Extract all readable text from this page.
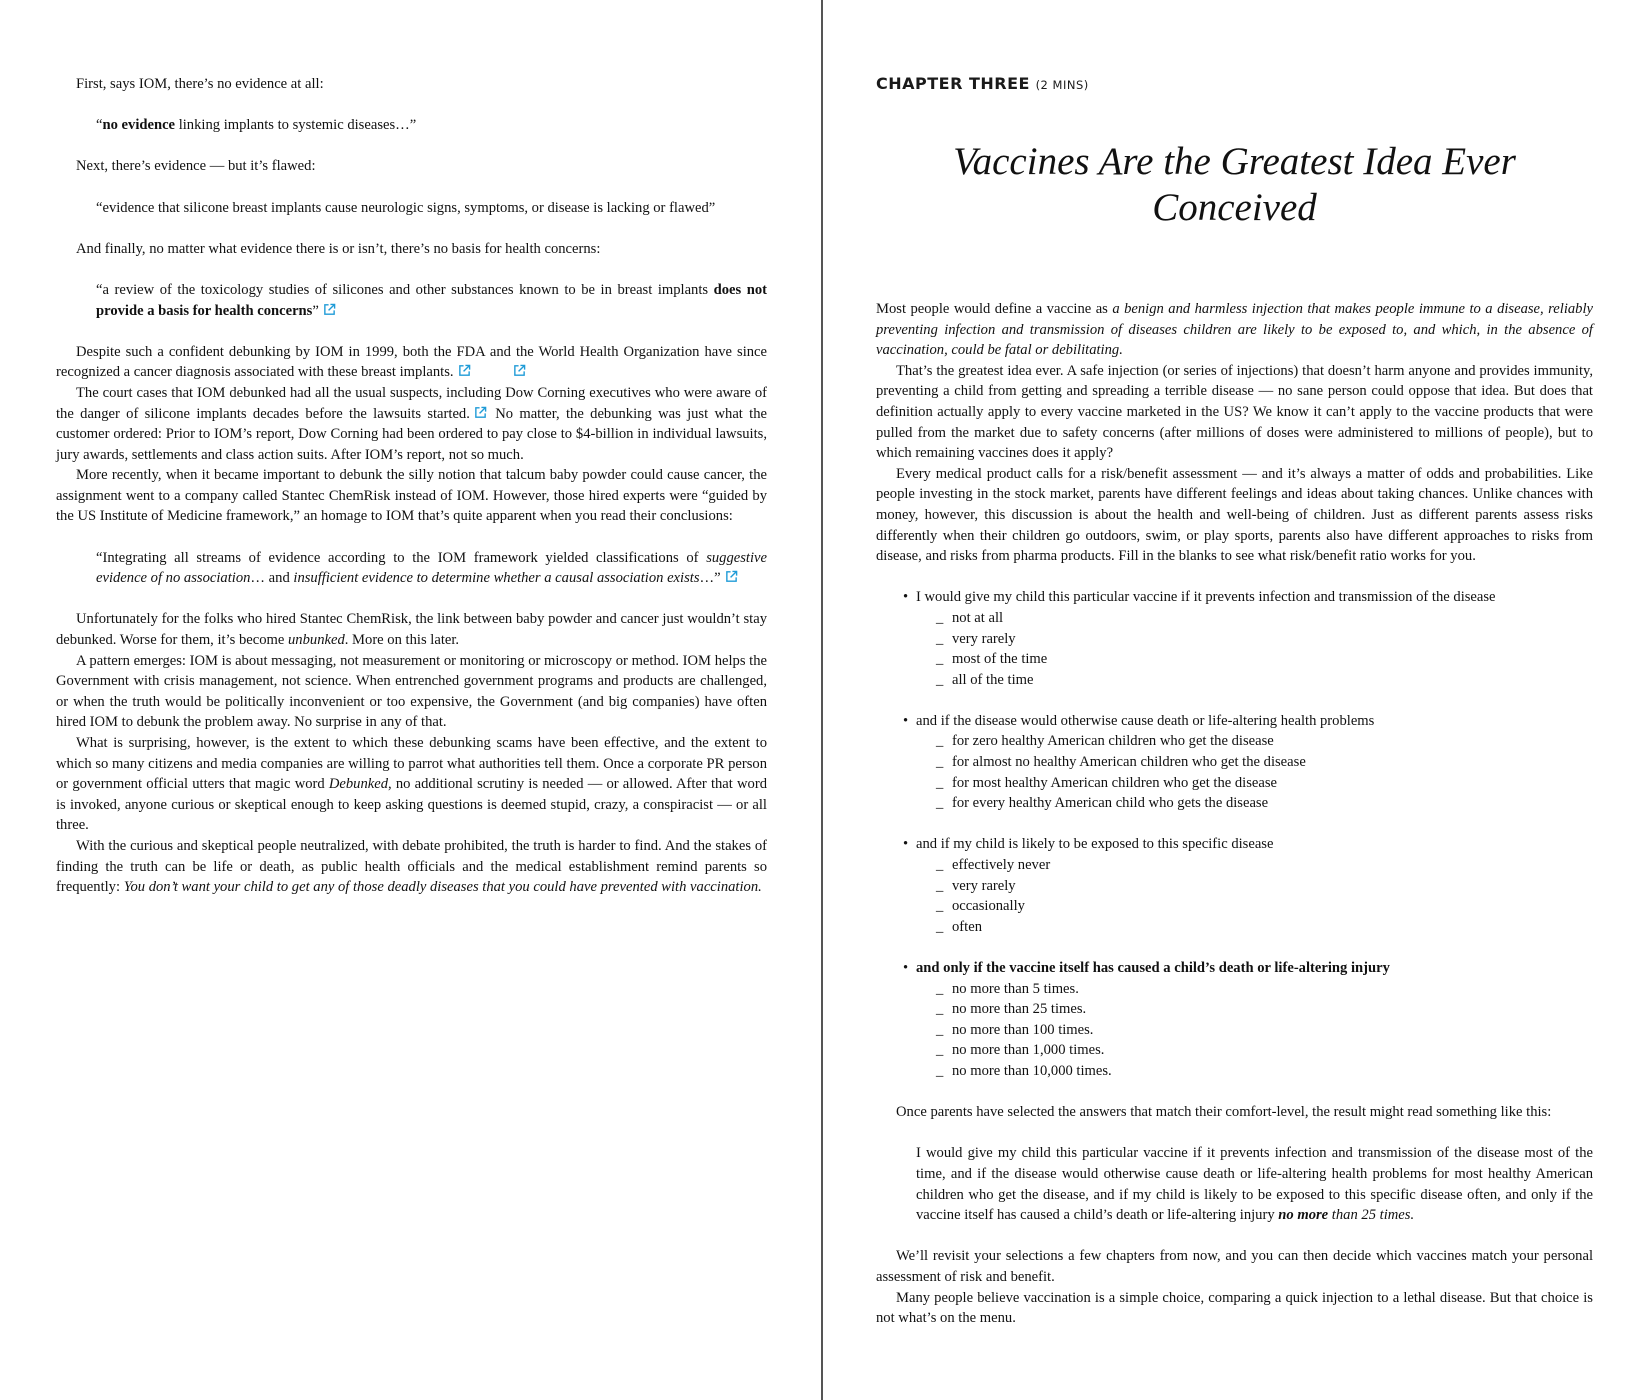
First, says IOM, there’s no evidence at all:

“no evidence linking implants to systemic diseases…”

Next, there’s evidence — but it’s flawed:

“evidence that silicone breast implants cause neurologic signs, symptoms, or disease is lacking or flawed”

And finally, no matter what evidence there is or isn’t, there’s no basis for health concerns:

“a review of the toxicology studies of silicones and other substances known to be in breast implants does not provide a basis for health concerns”

Despite such a confident debunking by IOM in 1999, both the FDA and the World Health Organization have since recognized a cancer diagnosis associated with these breast implants.

The court cases that IOM debunked had all the usual suspects, including Dow Corning executives who were aware of the danger of silicone implants decades before the lawsuits started. No matter, the debunking was just what the customer ordered: Prior to IOM’s report, Dow Corning had been ordered to pay close to $4-billion in individual lawsuits, jury awards, settlements and class action suits. After IOM’s report, not so much.

More recently, when it became important to debunk the silly notion that talcum baby powder could cause cancer, the assignment went to a company called Stantec ChemRisk instead of IOM. However, those hired experts were “guided by the US Institute of Medicine framework,” an homage to IOM that’s quite apparent when you read their conclusions:

“Integrating all streams of evidence according to the IOM framework yielded classifications of suggestive evidence of no association… and insufficient evidence to determine whether a causal association exists…”

Unfortunately for the folks who hired Stantec ChemRisk, the link between baby powder and cancer just wouldn’t stay debunked. Worse for them, it’s become unbunked. More on this later.

A pattern emerges: IOM is about messaging, not measurement or monitoring or microscopy or method. IOM helps the Government with crisis management, not science. When entrenched government programs and products are challenged, or when the truth would be politically inconvenient or too expensive, the Government (and big companies) have often hired IOM to debunk the problem away. No surprise in any of that.

What is surprising, however, is the extent to which these debunking scams have been effective, and the extent to which so many citizens and media companies are willing to parrot what authorities tell them. Once a corporate PR person or government official utters that magic word Debunked, no additional scrutiny is needed — or allowed. After that word is invoked, anyone curious or skeptical enough to keep asking questions is deemed stupid, crazy, a conspiracist — or all three.

With the curious and skeptical people neutralized, with debate prohibited, the truth is harder to find. And the stakes of finding the truth can be life or death, as public health officials and the medical establishment remind parents so frequently: You don’t want your child to get any of those deadly diseases that you could have prevented with vaccination.

CHAPTER THREE (2 MINS)
Vaccines Are the Greatest Idea Ever Conceived

Most people would define a vaccine as a benign and harmless injection that makes people immune to a disease, reliably preventing infection and transmission of diseases children are likely to be exposed to, and which, in the absence of vaccination, could be fatal or debilitating.

That’s the greatest idea ever. A safe injection (or series of injections) that doesn’t harm anyone and provides immunity, preventing a child from getting and spreading a terrible disease — no sane person could oppose that idea. But does that definition actually apply to every vaccine marketed in the US? We know it can’t apply to the vaccine products that were pulled from the market due to safety concerns (after millions of doses were administered to millions of people), but to which remaining vaccines does it apply?

Every medical product calls for a risk/benefit assessment — and it’s always a matter of odds and probabilities. Like people investing in the stock market, parents have different feelings and ideas about taking chances. Unlike chances with money, however, this discussion is about the health and well-being of children. Just as different parents assess risks differently when their children go outdoors, swim, or play sports, parents also have different approaches to risks from disease, and risks from pharma products. Fill in the blanks to see what risk/benefit ratio works for you.

• I would give my child this particular vaccine if it prevents infection and transmission of the disease
_ not at all
_ very rarely
_ most of the time
_ all of the time
• and if the disease would otherwise cause death or life-altering health problems
_ for zero healthy American children who get the disease
_ for almost no healthy American children who get the disease
_ for most healthy American children who get the disease
_ for every healthy American child who gets the disease
• and if my child is likely to be exposed to this specific disease
_ effectively never
_ very rarely
_ occasionally
_ often
• and only if the vaccine itself has caused a child’s death or life-altering injury
_ no more than 5 times.
_ no more than 25 times.
_ no more than 100 times.
_ no more than 1,000 times.
_ no more than 10,000 times.

Once parents have selected the answers that match their comfort-level, the result might read something like this:

I would give my child this particular vaccine if it prevents infection and transmission of the disease most of the time, and if the disease would otherwise cause death or life-altering health problems for most healthy American children who get the disease, and if my child is likely to be exposed to this specific disease often, and only if the vaccine itself has caused a child’s death or life-altering injury no more than 25 times.

We’ll revisit your selections a few chapters from now, and you can then decide which vaccines match your personal assessment of risk and benefit.

Many people believe vaccination is a simple choice, comparing a quick injection to a lethal disease. But that choice is not what’s on the menu.
